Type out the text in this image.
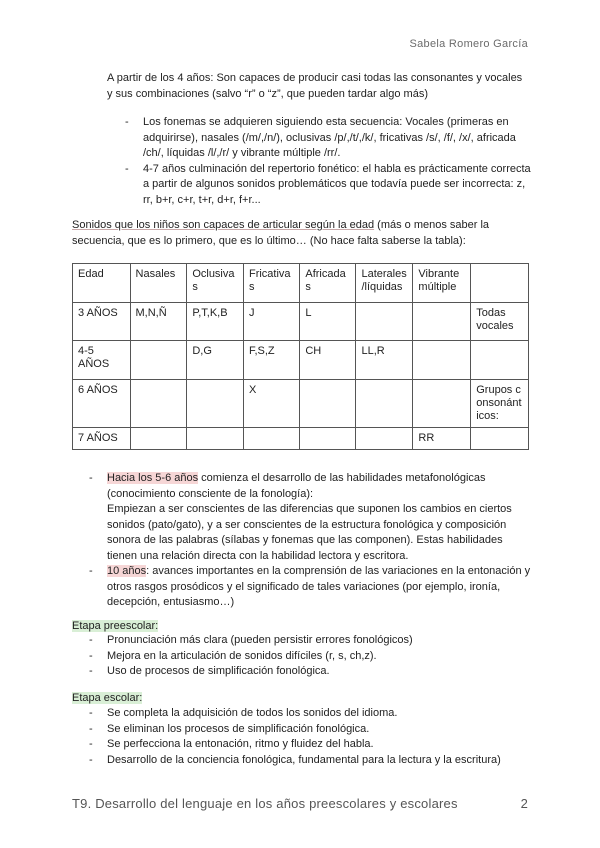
Sabela Romero García
A partir de los 4 años: Son capaces de producir casi todas las consonantes y vocales y sus combinaciones (salvo “r” o “z”, que pueden tardar algo más)
- Los fonemas se adquieren siguiendo esta secuencia: Vocales (primeras en adquirirse), nasales (/m/,/n/), oclusivas /p/,/t/,/k/, fricativas /s/, /f/, /x/, africada /ch/, líquidas /l/,/r/ y vibrante múltiple /rr/.
- 4-7 años culminación del repertorio fonético: el habla es prácticamente correcta a partir de algunos sonidos problemáticos que todavía puede ser incorrecta: z, rr, b+r, c+r, t+r, d+r, f+r...
Sonidos que los niños son capaces de articular según la edad (más o menos saber la secuencia, que es lo primero, que es lo último… (No hace falta saberse la tabla):
Edad	Nasales	Oclusivas	Fricativas	Africadas	Laterales /líquidas	Vibrante múltiple	
3 AÑOS	M,N,Ñ	P,T,K,B	J	L			Todas vocales
4-5 AÑOS		D,G	F,S,Z	CH	LL,R		
6 AÑOS			X				Grupos consonánticos:
7 AÑOS						RR	
- Hacia los 5-6 años comienza el desarrollo de las habilidades metafonológicas (conocimiento consciente de la fonología):
Empiezan a ser conscientes de las diferencias que suponen los cambios en ciertos sonidos (pato/gato), y a ser conscientes de la estructura fonológica y composición sonora de las palabras (sílabas y fonemas que las componen). Estas habilidades tienen una relación directa con la habilidad lectora y escritora.
- 10 años: avances importantes en la comprensión de las variaciones en la entonación y otros rasgos prosódicos y el significado de tales variaciones (por ejemplo, ironía, decepción, entusiasmo…)
Etapa preescolar:
- Pronunciación más clara (pueden persistir errores fonológicos)
- Mejora en la articulación de sonidos difíciles (r, s, ch,z).
- Uso de procesos de simplificación fonológica.
Etapa escolar:
- Se completa la adquisición de todos los sonidos del idioma.
- Se eliminan los procesos de simplificación fonológica.
- Se perfecciona la entonación, ritmo y fluidez del habla.
- Desarrollo de la conciencia fonológica, fundamental para la lectura y la escritura)
T9. Desarrollo del lenguaje en los años preescolares y escolares	2
